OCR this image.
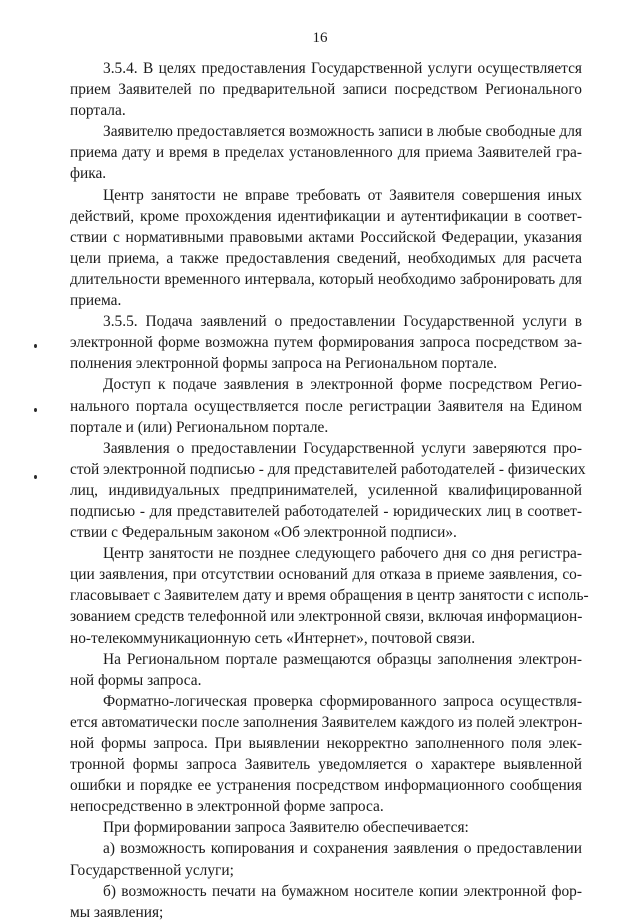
16
3.5.4. В целях предоставления Государственной услуги осуществляется
прием Заявителей по предварительной записи посредством Регионального
портала.
Заявителю предоставляется возможность записи в любые свободные для
приема дату и время в пределах установленного для приема Заявителей гра-
фика.
Центр занятости не вправе требовать от Заявителя совершения иных
действий, кроме прохождения идентификации и аутентификации в соответ-
ствии с нормативными правовыми актами Российской Федерации, указания
цели приема, а также предоставления сведений, необходимых для расчета
длительности временного интервала, который необходимо забронировать для
приема.
3.5.5. Подача заявлений о предоставлении Государственной услуги в
электронной форме возможна путем формирования запроса посредством за-
полнения электронной формы запроса на Региональном портале.
Доступ к подаче заявления в электронной форме посредством Регио-
нального портала осуществляется после регистрации Заявителя на Едином
портале и (или) Региональном портале.
Заявления о предоставлении Государственной услуги заверяются про-
стой электронной подписью - для представителей работодателей - физических
лиц, индивидуальных предпринимателей, усиленной квалифицированной
подписью - для представителей работодателей - юридических лиц в соответ-
ствии с Федеральным законом «Об электронной подписи».
Центр занятости не позднее следующего рабочего дня со дня регистра-
ции заявления, при отсутствии оснований для отказа в приеме заявления, со-
гласовывает с Заявителем дату и время обращения в центр занятости с исполь-
зованием средств телефонной или электронной связи, включая информацион-
но-телекоммуникационную сеть «Интернет», почтовой связи.
На Региональном портале размещаются образцы заполнения электрон-
ной формы запроса.
Форматно-логическая проверка сформированного запроса осуществля-
ется автоматически после заполнения Заявителем каждого из полей электрон-
ной формы запроса. При выявлении некорректно заполненного поля элек-
тронной формы запроса Заявитель уведомляется о характере выявленной
ошибки и порядке ее устранения посредством информационного сообщения
непосредственно в электронной форме запроса.
При формировании запроса Заявителю обеспечивается:
а) возможность копирования и сохранения заявления о предоставлении
Государственной услуги;
б) возможность печати на бумажном носителе копии электронной фор-
мы заявления;
